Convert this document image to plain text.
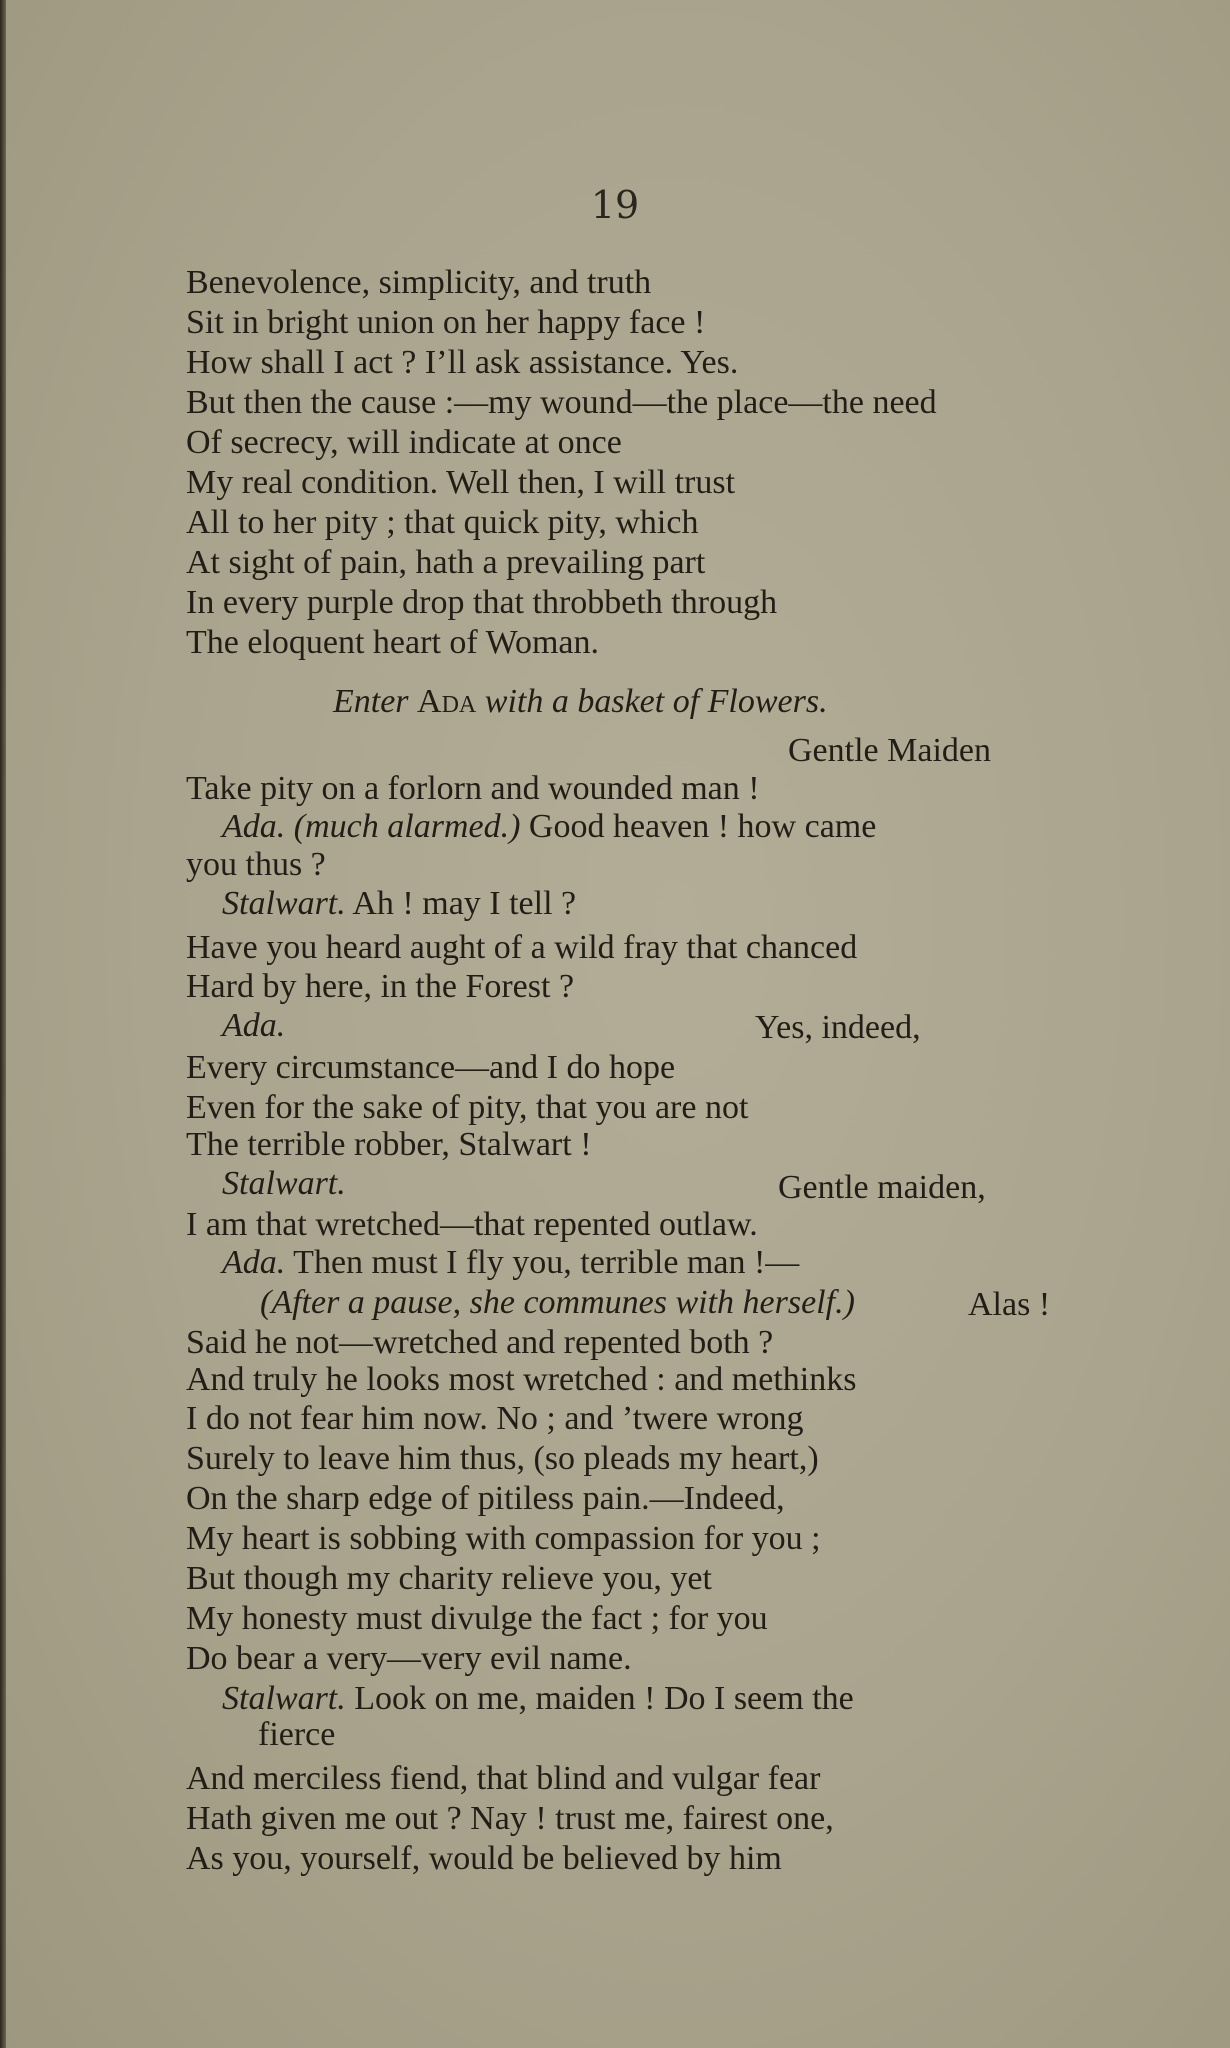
19
Benevolence, simplicity, and truth
Sit in bright union on her happy face !
How shall I act ? I’ll ask assistance. Yes.
But then the cause :—my wound—the place—the need
Of secrecy, will indicate at once
My real condition. Well then, I will trust
All to her pity ; that quick pity, which
At sight of pain, hath a prevailing part
In every purple drop that throbbeth through
The eloquent heart of Woman.
Enter Ada with a basket of Flowers.
Gentle Maiden
Take pity on a forlorn and wounded man !
Ada. (much alarmed.) Good heaven ! how came
you thus ?
Stalwart. Ah ! may I tell ?
Have you heard aught of a wild fray that chanced
Hard by here, in the Forest ?
Ada.	Yes, indeed,
Every circumstance—and I do hope
Even for the sake of pity, that you are not
The terrible robber, Stalwart !
Stalwart.	Gentle maiden,
I am that wretched—that repented outlaw.
Ada. Then must I fly you, terrible man !—
(After a pause, she communes with herself.)	Alas !
Said he not—wretched and repented both ?
And truly he looks most wretched : and methinks
I do not fear him now. No ; and ’twere wrong
Surely to leave him thus, (so pleads my heart,)
On the sharp edge of pitiless pain.—Indeed,
My heart is sobbing with compassion for you ;
But though my charity relieve you, yet
My honesty must divulge the fact ; for you
Do bear a very—very evil name.
Stalwart. Look on me, maiden ! Do I seem the
fierce
And merciless fiend, that blind and vulgar fear
Hath given me out ? Nay ! trust me, fairest one,
As you, yourself, would be believed by him
